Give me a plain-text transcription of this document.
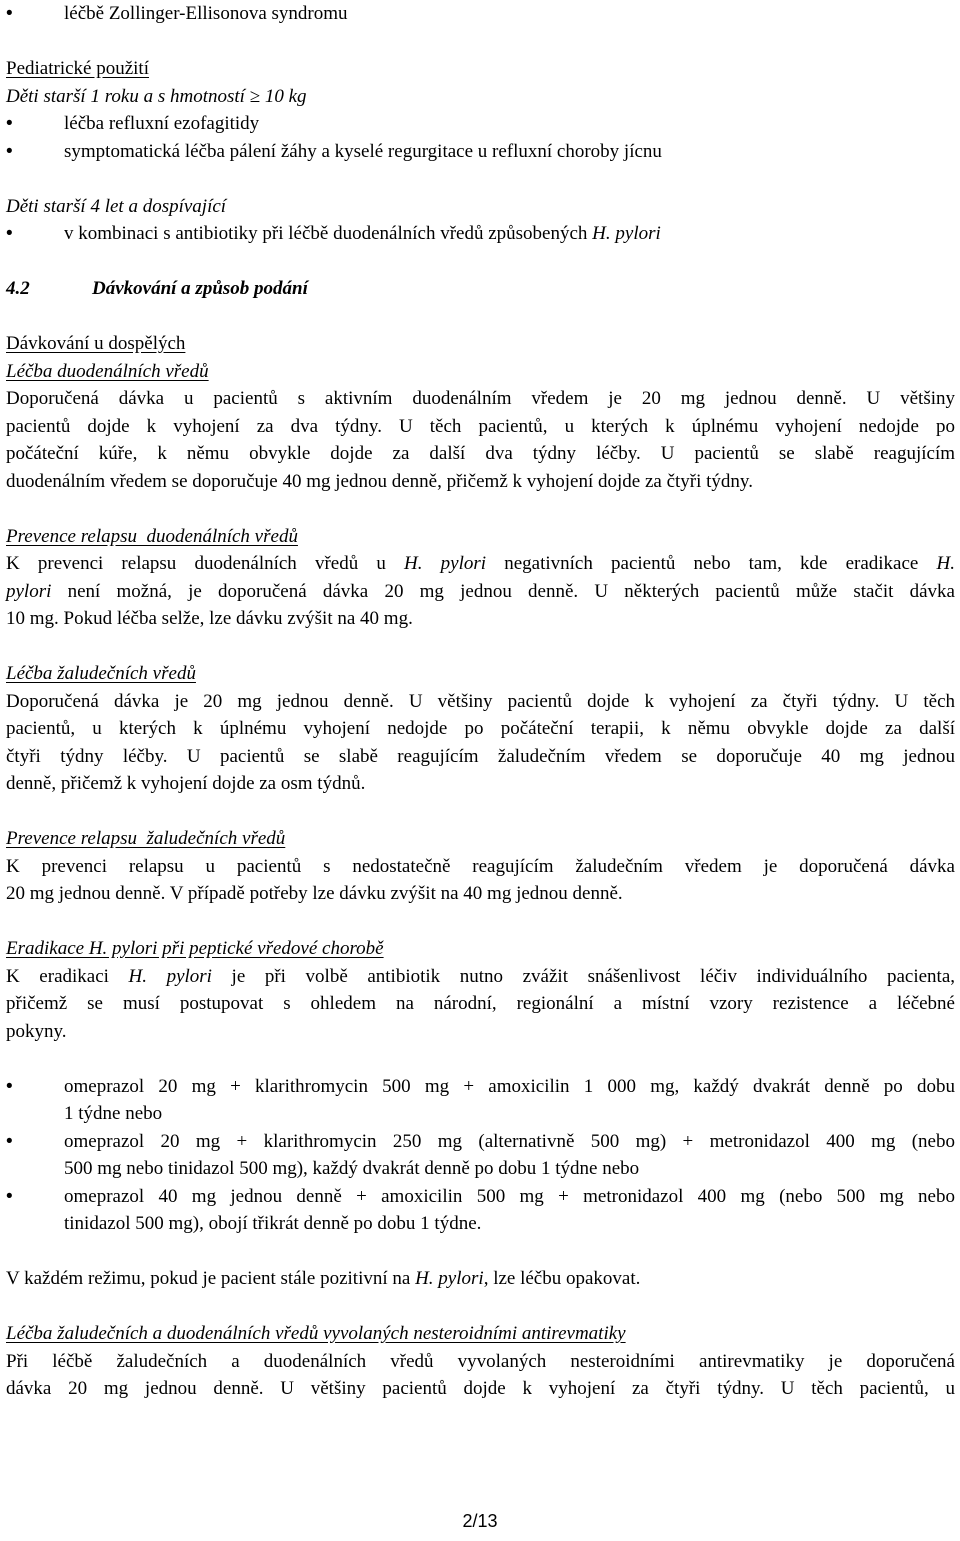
• léčbě Zollinger-Ellisonova syndromu
Pediatrické použití
Děti starší 1 roku a s hmotností ≥ 10 kg
• léčba refluxní ezofagitidy
• symptomatická léčba pálení žáhy a kyselé regurgitace u refluxní choroby jícnu
Děti starší 4 let a dospívající
• v kombinaci s antibiotiky při léčbě duodenálních vředů způsobených H. pylori
4.2	Dávkování a způsob podání
Dávkování u dospělých
Léčba duodenálních vředů
Doporučená dávka u pacientů s aktivním duodenálním vředem je 20 mg jednou denně. U většiny
pacientů dojde k vyhojení za dva týdny. U těch pacientů, u kterých k úplnému vyhojení nedojde po
počáteční kúře, k němu obvykle dojde za další dva týdny léčby. U pacientů se slabě reagujícím
duodenálním vředem se doporučuje 40 mg jednou denně, přičemž k vyhojení dojde za čtyři týdny.
Prevence relapsu  duodenálních vředů
K prevenci relapsu duodenálních vředů u H. pylori negativních pacientů nebo tam, kde eradikace H.
pylori není možná, je doporučená dávka 20 mg jednou denně. U některých pacientů může stačit dávka
10 mg. Pokud léčba selže, lze dávku zvýšit na 40 mg.
Léčba žaludečních vředů
Doporučená dávka je 20 mg jednou denně. U většiny pacientů dojde k vyhojení za čtyři týdny. U těch
pacientů, u kterých k úplnému vyhojení nedojde po počáteční terapii, k němu obvykle dojde za další
čtyři týdny léčby. U pacientů se slabě reagujícím žaludečním vředem se doporučuje 40 mg jednou
denně, přičemž k vyhojení dojde za osm týdnů.
Prevence relapsu  žaludečních vředů
K prevenci relapsu u pacientů s nedostatečně reagujícím žaludečním vředem je doporučená dávka
20 mg jednou denně. V případě potřeby lze dávku zvýšit na 40 mg jednou denně.
Eradikace H. pylori při peptické vředové chorobě
K eradikaci H. pylori je při volbě antibiotik nutno zvážit snášenlivost léčiv individuálního pacienta,
přičemž se musí postupovat s ohledem na národní, regionální a místní vzory rezistence a léčebné
pokyny.
• omeprazol 20 mg + klarithromycin 500 mg + amoxicilin 1 000 mg, každý dvakrát denně po dobu
1 týdne nebo
• omeprazol 20 mg + klarithromycin 250 mg (alternativně 500 mg) + metronidazol 400 mg (nebo
500 mg nebo tinidazol 500 mg), každý dvakrát denně po dobu 1 týdne nebo
• omeprazol 40 mg jednou denně + amoxicilin 500 mg + metronidazol 400 mg (nebo 500 mg nebo
tinidazol 500 mg), obojí třikrát denně po dobu 1 týdne.
V každém režimu, pokud je pacient stále pozitivní na H. pylori, lze léčbu opakovat.
Léčba žaludečních a duodenálních vředů vyvolaných nesteroidními antirevmatiky
Při léčbě žaludečních a duodenálních vředů vyvolaných nesteroidními antirevmatiky je doporučená
dávka 20 mg jednou denně. U většiny pacientů dojde k vyhojení za čtyři týdny. U těch pacientů, u
2/13
